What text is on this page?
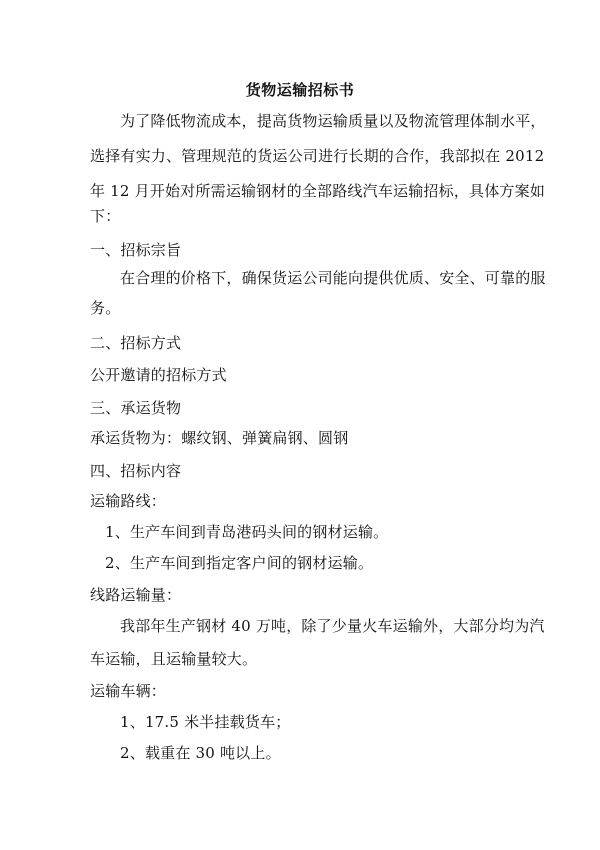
货物运输招标书
为了降低物流成本，提高货物运输质量以及物流管理体制水平，
选择有实力、管理规范的货运公司进行长期的合作，我部拟在 2012
年 12 月开始对所需运输钢材的全部路线汽车运输招标，具体方案如
下：
一、招标宗旨
在合理的价格下，确保货运公司能向提供优质、安全、可靠的服
务。
二、招标方式
公开邀请的招标方式
三、承运货物
承运货物为：螺纹钢、弹簧扁钢、圆钢
四、招标内容
运输路线：
1、生产车间到青岛港码头间的钢材运输。
2、生产车间到指定客户间的钢材运输。
线路运输量：
我部年生产钢材 40 万吨，除了少量火车运输外，大部分均为汽
车运输，且运输量较大。
运输车辆：
1、17.5 米半挂载货车；
2、载重在 30 吨以上。
